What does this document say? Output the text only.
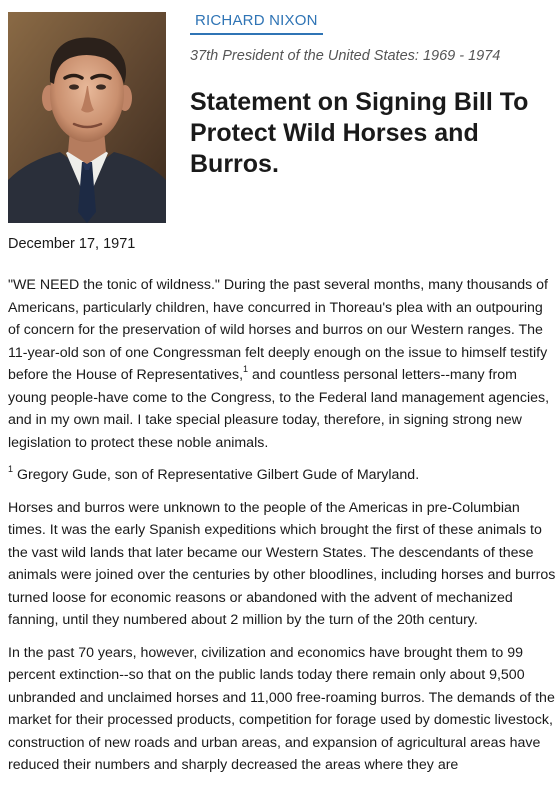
RICHARD NIXON
37th President of the United States: 1969 - 1974
Statement on Signing Bill To Protect Wild Horses and Burros.
December 17, 1971

"WE NEED the tonic of wildness." During the past several months, many thousands of Americans, particularly children, have concurred in Thoreau's plea with an outpouring of concern for the preservation of wild horses and burros on our Western ranges. The 11-year-old son of one Congressman felt deeply enough on the issue to himself testify before the House of Representatives,$^1$ and countless personal letters--many from young people-have come to the Congress, to the Federal land management agencies, and in my own mail. I take special pleasure today, therefore, in signing strong new legislation to protect these noble animals.

$^1$ Gregory Gude, son of Representative Gilbert Gude of Maryland.

Horses and burros were unknown to the people of the Americas in pre-Columbian times. It was the early Spanish expeditions which brought the first of these animals to the vast wild lands that later became our Western States. The descendants of these animals were joined over the centuries by other bloodlines, including horses and burros turned loose for economic reasons or abandoned with the advent of mechanized fanning, until they numbered about 2 million by the turn of the 20th century.

In the past 70 years, however, civilization and economics have brought them to 99 percent extinction--so that on the public lands today there remain only about 9,500 unbranded and unclaimed horses and 11,000 free-roaming burros. The demands of the market for their processed products, competition for forage used by domestic livestock, construction of new roads and urban areas, and expansion of agricultural areas have reduced their numbers and sharply decreased the areas where they are
